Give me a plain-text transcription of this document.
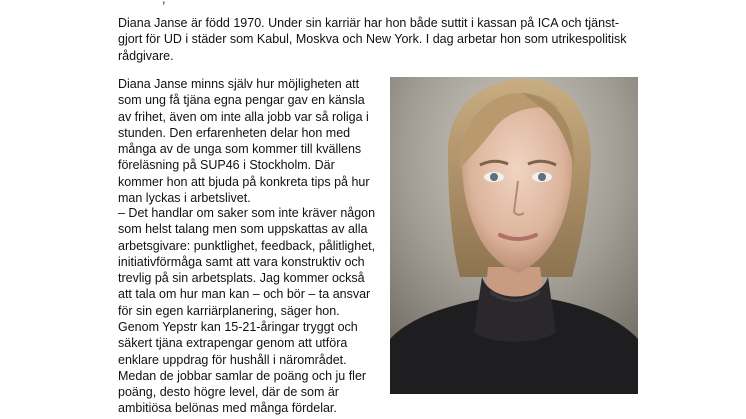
Diana Janse är född 1970. Under sin karriär har hon både suttit i kassan på ICA och tjänst-gjort för UD i städer som Kabul, Moskva och New York. I dag arbetar hon som utrikespolitisk rådgivare.

Diana Janse minns själv hur möjligheten att som ung få tjäna egna pengar gav en känsla av frihet, även om inte alla jobb var så roliga i stunden. Den erfarenheten delar hon med många av de unga som kommer till kvällens föreläsning på SUP46 i Stockholm. Där kommer hon att bjuda på konkreta tips på hur man lyckas i arbetslivet.

– Det handlar om saker som inte kräver någon som helst talang men som uppskattas av alla arbetsgivare: punktlighet, feedback, pålitlighet, initiativförmåga samt att vara konstruktiv och trevlig på sin arbetsplats. Jag kommer också att tala om hur man kan – och bör – ta ansvar för sin egen karriärplanering, säger hon.

Genom Yepstr kan 15-21-åringar tryggt och säkert tjäna extrapengar genom att utföra enklare uppdrag för hushåll i närområdet. Medan de jobbar samlar de poäng och ju fler poäng, desto högre level, där de som är ambitiösa belönas med många fördelar.
